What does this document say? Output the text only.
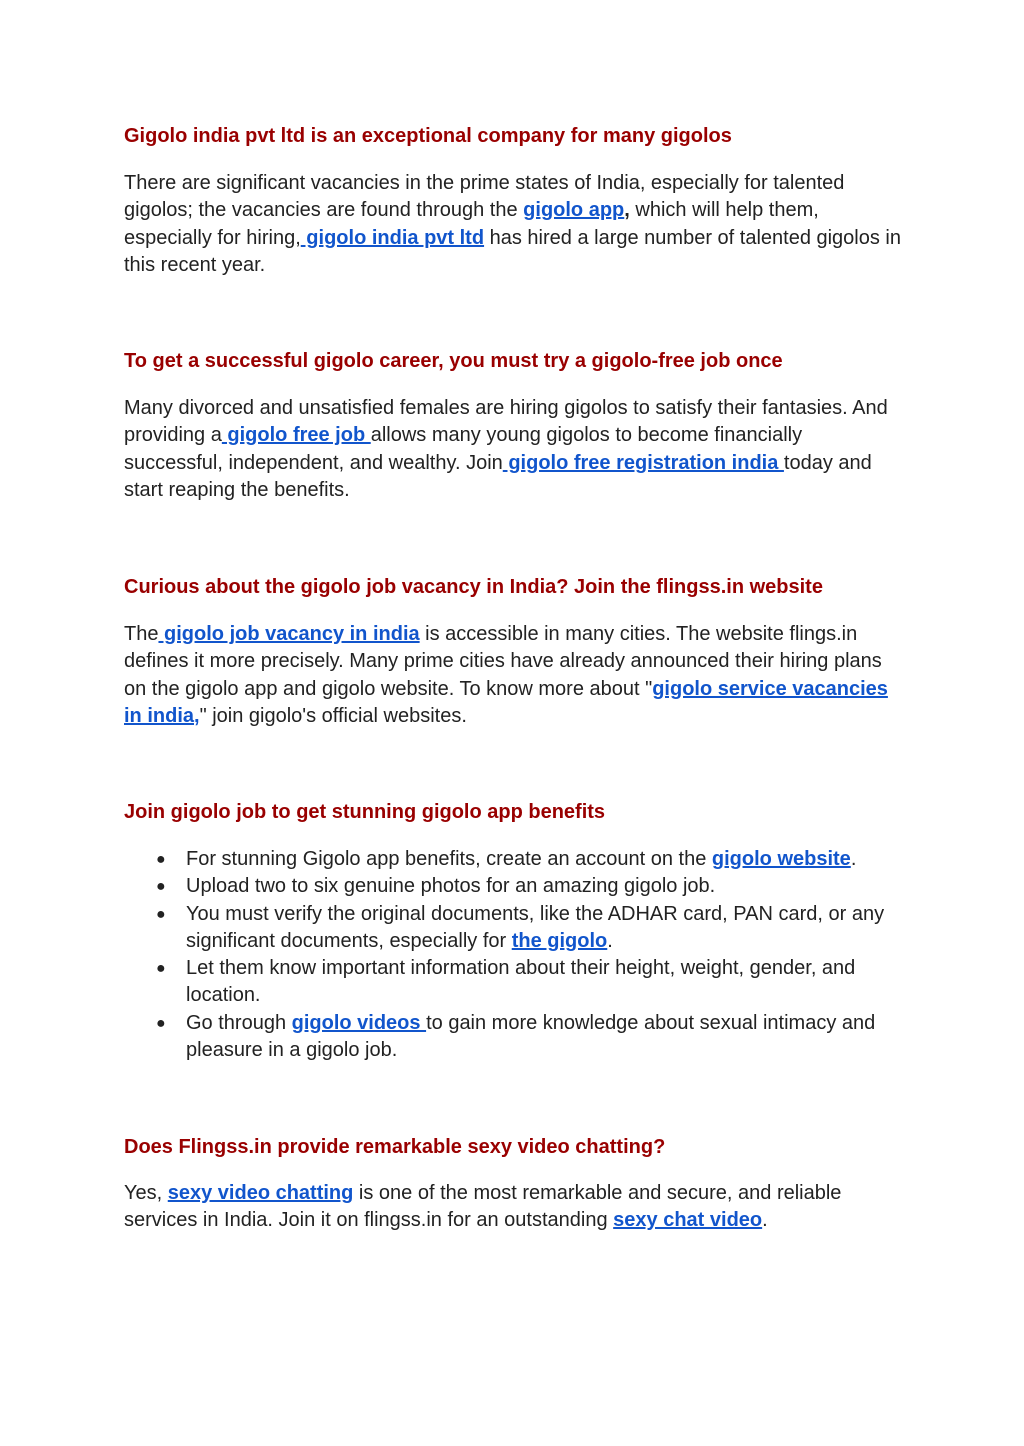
Gigolo india pvt ltd is an exceptional company for many gigolos

There are significant vacancies in the prime states of India, especially for talented gigolos; the vacancies are found through the gigolo app, which will help them, especially for hiring, gigolo india pvt ltd has hired a large number of talented gigolos in this recent year.

To get a successful gigolo career, you must try a gigolo-free job once

Many divorced and unsatisfied females are hiring gigolos to satisfy their fantasies. And providing a gigolo free job allows many young gigolos to become financially successful, independent, and wealthy. Join gigolo free registration india today and start reaping the benefits.

Curious about the gigolo job vacancy in India? Join the flingss.in website

The gigolo job vacancy in india is accessible in many cities. The website flings.in defines it more precisely. Many prime cities have already announced their hiring plans on the gigolo app and gigolo website. To know more about "gigolo service vacancies in india," join gigolo's official websites.

Join gigolo job to get stunning gigolo app benefits
● For stunning Gigolo app benefits, create an account on the gigolo website.
● Upload two to six genuine photos for an amazing gigolo job.
● You must verify the original documents, like the ADHAR card, PAN card, or any significant documents, especially for the gigolo.
● Let them know important information about their height, weight, gender, and location.
● Go through gigolo videos to gain more knowledge about sexual intimacy and pleasure in a gigolo job.
Does Flingss.in provide remarkable sexy video chatting?

Yes, sexy video chatting is one of the most remarkable and secure, and reliable services in India. Join it on flingss.in for an outstanding sexy chat video.
